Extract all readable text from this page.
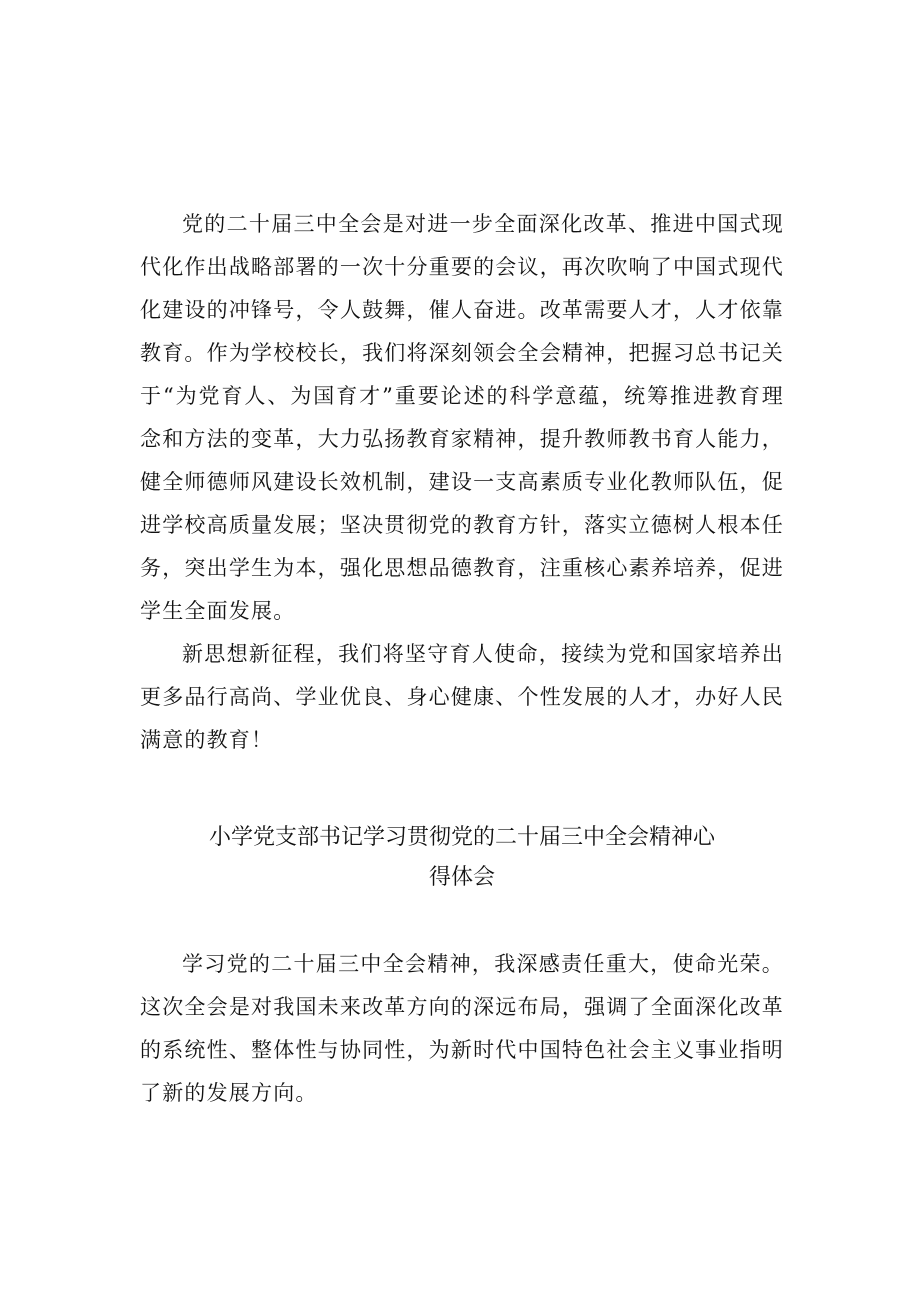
党的二十届三中全会是对进一步全面深化改革、推进中国式现代化作出战略部署的一次十分重要的会议，再次吹响了中国式现代化建设的冲锋号，令人鼓舞，催人奋进。改革需要人才，人才依靠教育。作为学校校长，我们将深刻领会全会精神，把握习总书记关于“为党育人、为国育才”重要论述的科学意蕴，统筹推进教育理念和方法的变革，大力弘扬教育家精神，提升教师教书育人能力，健全师德师风建设长效机制，建设一支高素质专业化教师队伍，促进学校高质量发展；坚决贯彻党的教育方针，落实立德树人根本任务，突出学生为本，强化思想品德教育，注重核心素养培养，促进学生全面发展。

新思想新征程，我们将坚守育人使命，接续为党和国家培养出更多品行高尚、学业优良、身心健康、个性发展的人才，办好人民满意的教育！

小学党支部书记学习贯彻党的二十届三中全会精神心

得体会

学习党的二十届三中全会精神，我深感责任重大，使命光荣。这次全会是对我国未来改革方向的深远布局，强调了全面深化改革的系统性、整体性与协同性，为新时代中国特色社会主义事业指明了新的发展方向。
